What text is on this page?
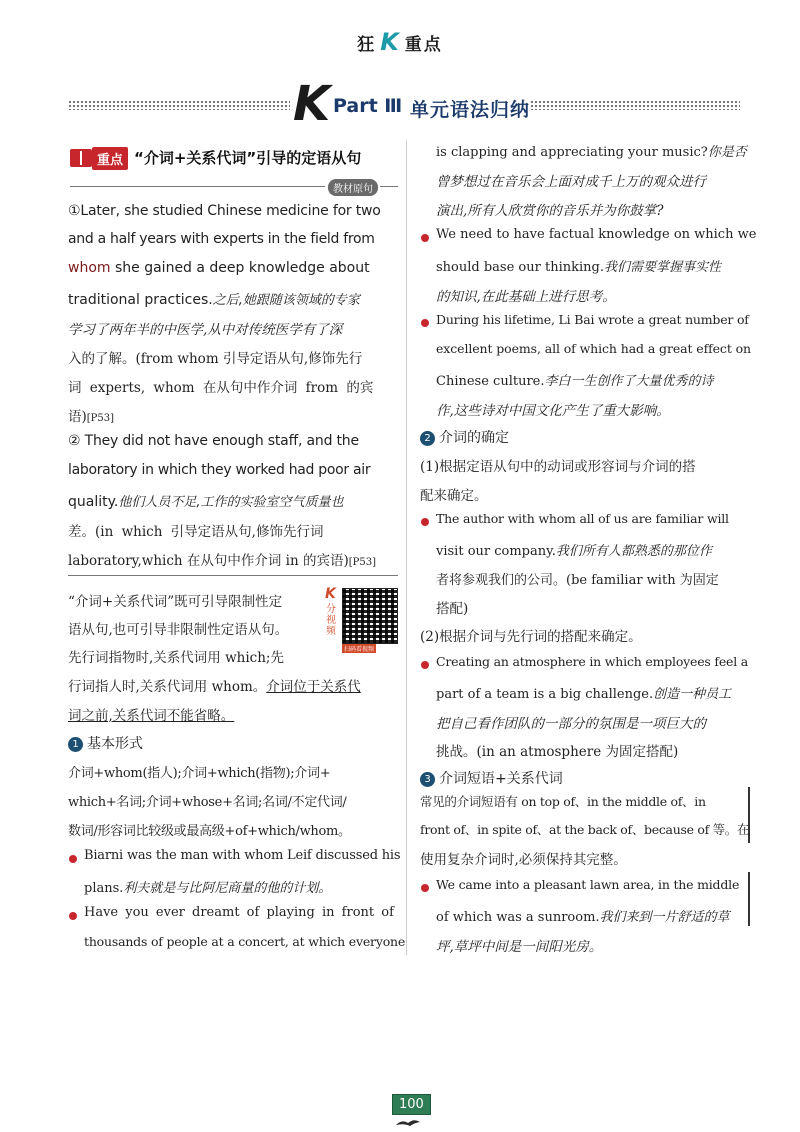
狂 K 重点
K Part Ⅲ 单元语法归纳
重点 “介词+关系代词”引导的定语从句
教材原句
①Later, she studied Chinese medicine for two
and a half years with experts in the field from
whom she gained a deep knowledge about
traditional practices.之后,她跟随该领域的专家
学习了两年半的中医学,从中对传统医学有了深
入的了解。(from whom 引导定语从句,修饰先行
词 experts, whom 在从句中作介词 from 的宾
语)[P53]
② They did not have enough staff, and the
laboratory in which they worked had poor air
quality.他们人员不足,工作的实验室空气质量也
差。(in which 引导定语从句,修饰先行词
laboratory,which 在从句中作介词 in 的宾语)[P53]
“介词+关系代词”既可引导限制性定
语从句,也可引导非限制性定语从句。
先行词指物时,关系代词用 which;先
行词指人时,关系代词用 whom。介词位于关系代
词之前,关系代词不能省略。
K
分视频
扫码看视频
1 基本形式
介词+whom(指人);介词+which(指物);介词+
which+名词;介词+whose+名词;名词/不定代词/
数词/形容词比较级或最高级+of+which/whom。
Biarni was the man with whom Leif discussed his
plans.利夫就是与比阿尼商量的他的计划。
Have you ever dreamt of playing in front of
thousands of people at a concert, at which everyone
is clapping and appreciating your music?你是否
曾梦想过在音乐会上面对成千上万的观众进行
演出,所有人欣赏你的音乐并为你鼓掌?
We need to have factual knowledge on which we
should base our thinking.我们需要掌握事实性
的知识,在此基础上进行思考。
During his lifetime, Li Bai wrote a great number of
excellent poems, all of which had a great effect on
Chinese culture.李白一生创作了大量优秀的诗
作,这些诗对中国文化产生了重大影响。
2 介词的确定
(1)根据定语从句中的动词或形容词与介词的搭
配来确定。
The author with whom all of us are familiar will
visit our company.我们所有人都熟悉的那位作
者将参观我们的公司。(be familiar with 为固定
搭配)
(2)根据介词与先行词的搭配来确定。
Creating an atmosphere in which employees feel a
part of a team is a big challenge.创造一种员工
把自己看作团队的一部分的氛围是一项巨大的
挑战。(in an atmosphere 为固定搭配)
3 介词短语+关系代词
常见的介词短语有 on top of、in the middle of、in
front of、in spite of、at the back of、because of 等。在
使用复杂介词时,必须保持其完整。
We came into a pleasant lawn area, in the middle
of which was a sunroom.我们来到一片舒适的草
坪,草坪中间是一间阳光房。
100
